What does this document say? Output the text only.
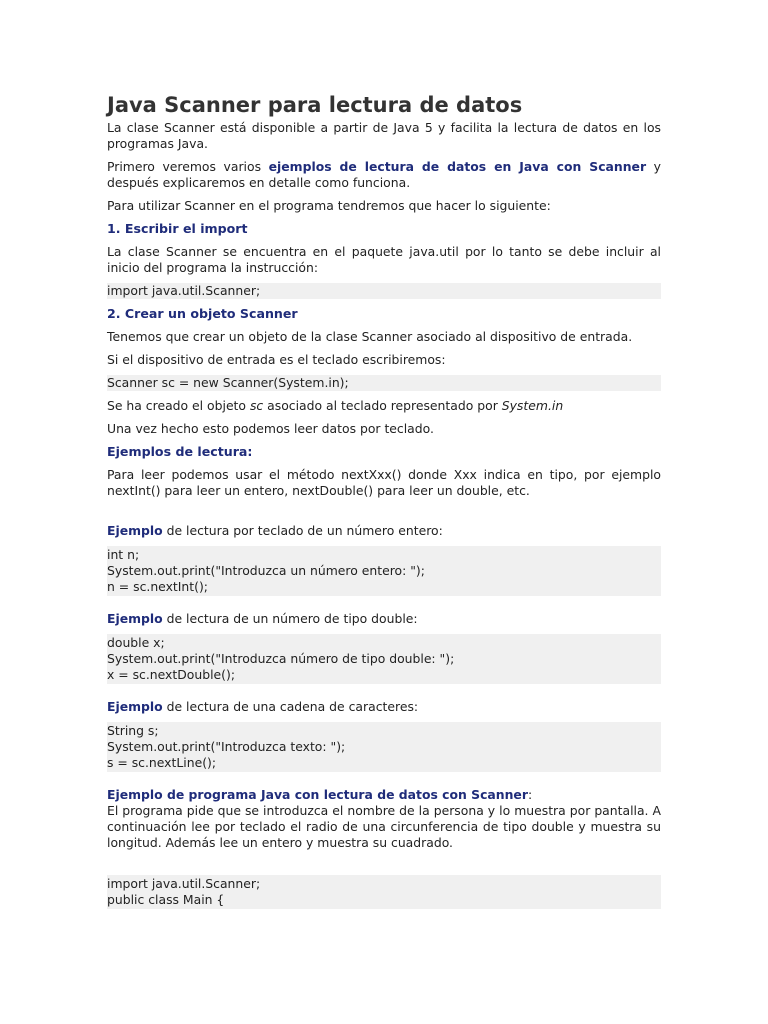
Java Scanner para lectura de datos

La clase Scanner está disponible a partir de Java 5 y facilita la lectura de datos en los programas Java.

Primero veremos varios ejemplos de lectura de datos en Java con Scanner y después explicaremos en detalle como funciona.

Para utilizar Scanner en el programa tendremos que hacer lo siguiente:

1. Escribir el import

La clase Scanner se encuentra en el paquete java.util por lo tanto se debe incluir al inicio del programa la instrucción:

import java.util.Scanner;
2. Crear un objeto Scanner

Tenemos que crear un objeto de la clase Scanner asociado al dispositivo de entrada.

Si el dispositivo de entrada es el teclado escribiremos:

Scanner sc = new Scanner(System.in);

Se ha creado el objeto sc asociado al teclado representado por System.in

Una vez hecho esto podemos leer datos por teclado.

Ejemplos de lectura:

Para leer podemos usar el método nextXxx() donde Xxx indica en tipo, por ejemplo nextInt() para leer un entero, nextDouble() para leer un double, etc.

Ejemplo de lectura por teclado de un número entero:

int n;
System.out.print("Introduzca un número entero: ");
n = sc.nextInt();

Ejemplo de lectura de un número de tipo double:

double x;
System.out.print("Introduzca número de tipo double: ");
x = sc.nextDouble();

Ejemplo de lectura de una cadena de caracteres:

String s;
System.out.print("Introduzca texto: ");
s = sc.nextLine();

Ejemplo de programa Java con lectura de datos con Scanner:

El programa pide que se introduzca el nombre de la persona y lo muestra por pantalla. A continuación lee por teclado el radio de una circunferencia de tipo double y muestra su longitud. Además lee un entero y muestra su cuadrado.

import java.util.Scanner;
public class Main {
